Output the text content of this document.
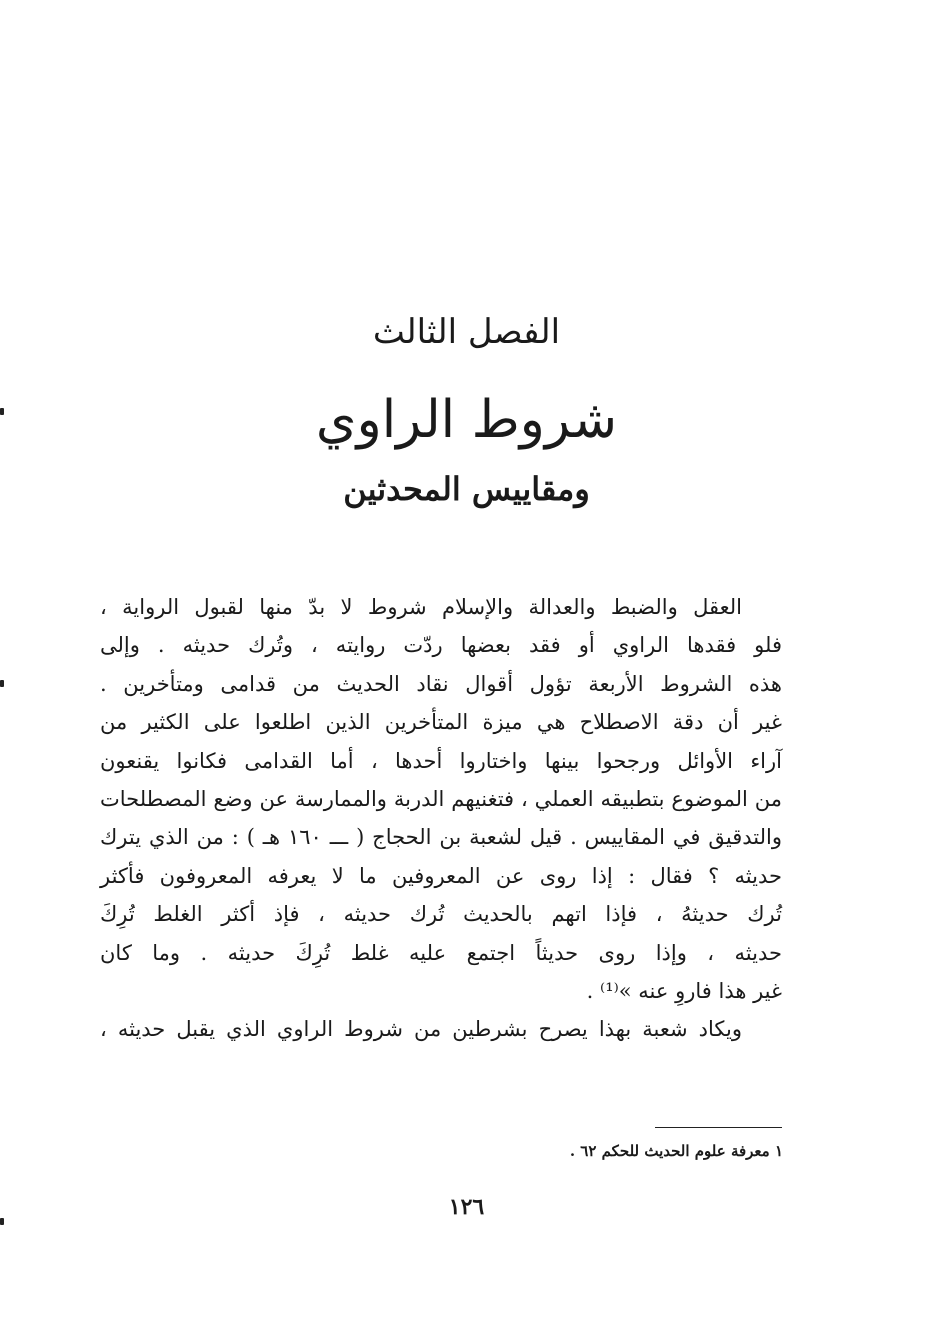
الفصل الثالث
شروط الراوي
ومقاييس المحدثين
العقل والضبط والعدالة والإسلام شروط لا بدّ منها لقبول الرواية ،
فلو فقدها الراوي أو فقد بعضها ردّت روايته ، وتُرك حديثه . وإلى
هذه الشروط الأربعة تؤول أقوال نقاد الحديث من قدامى ومتأخرين .
غير أن دقة الاصطلاح هي ميزة المتأخرين الذين اطلعوا على الكثير من
آراء الأوائل ورجحوا بينها واختاروا أحدها ، أما القدامى فكانوا يقنعون
من الموضوع بتطبيقه العملي ، فتغنيهم الدربة والممارسة عن وضع المصطلحات
والتدقيق في المقاييس . قيل لشعبة بن الحجاج ( ـــ ١٦٠ هـ ) : من الذي يترك
حديثه ؟ فقال : إذا روى عن المعروفين ما لا يعرفه المعروفون فأكثر
تُرك حديثهُ ، فإذا اتهم بالحديث تُرك حديثه ، فإذ أكثر الغلط تُرِكَ
حديثه ، وإذا روى حديثاً اجتمع عليه غلط تُرِكَ حديثه . وما كان
غير هذا فاروِ عنه »⁽¹⁾ .
ويكاد شعبة بهذا يصرح بشرطين من شروط الراوي الذي يقبل حديثه ،
١ معرفة علوم الحديث للحكم ٦٢ .
١٢٦
